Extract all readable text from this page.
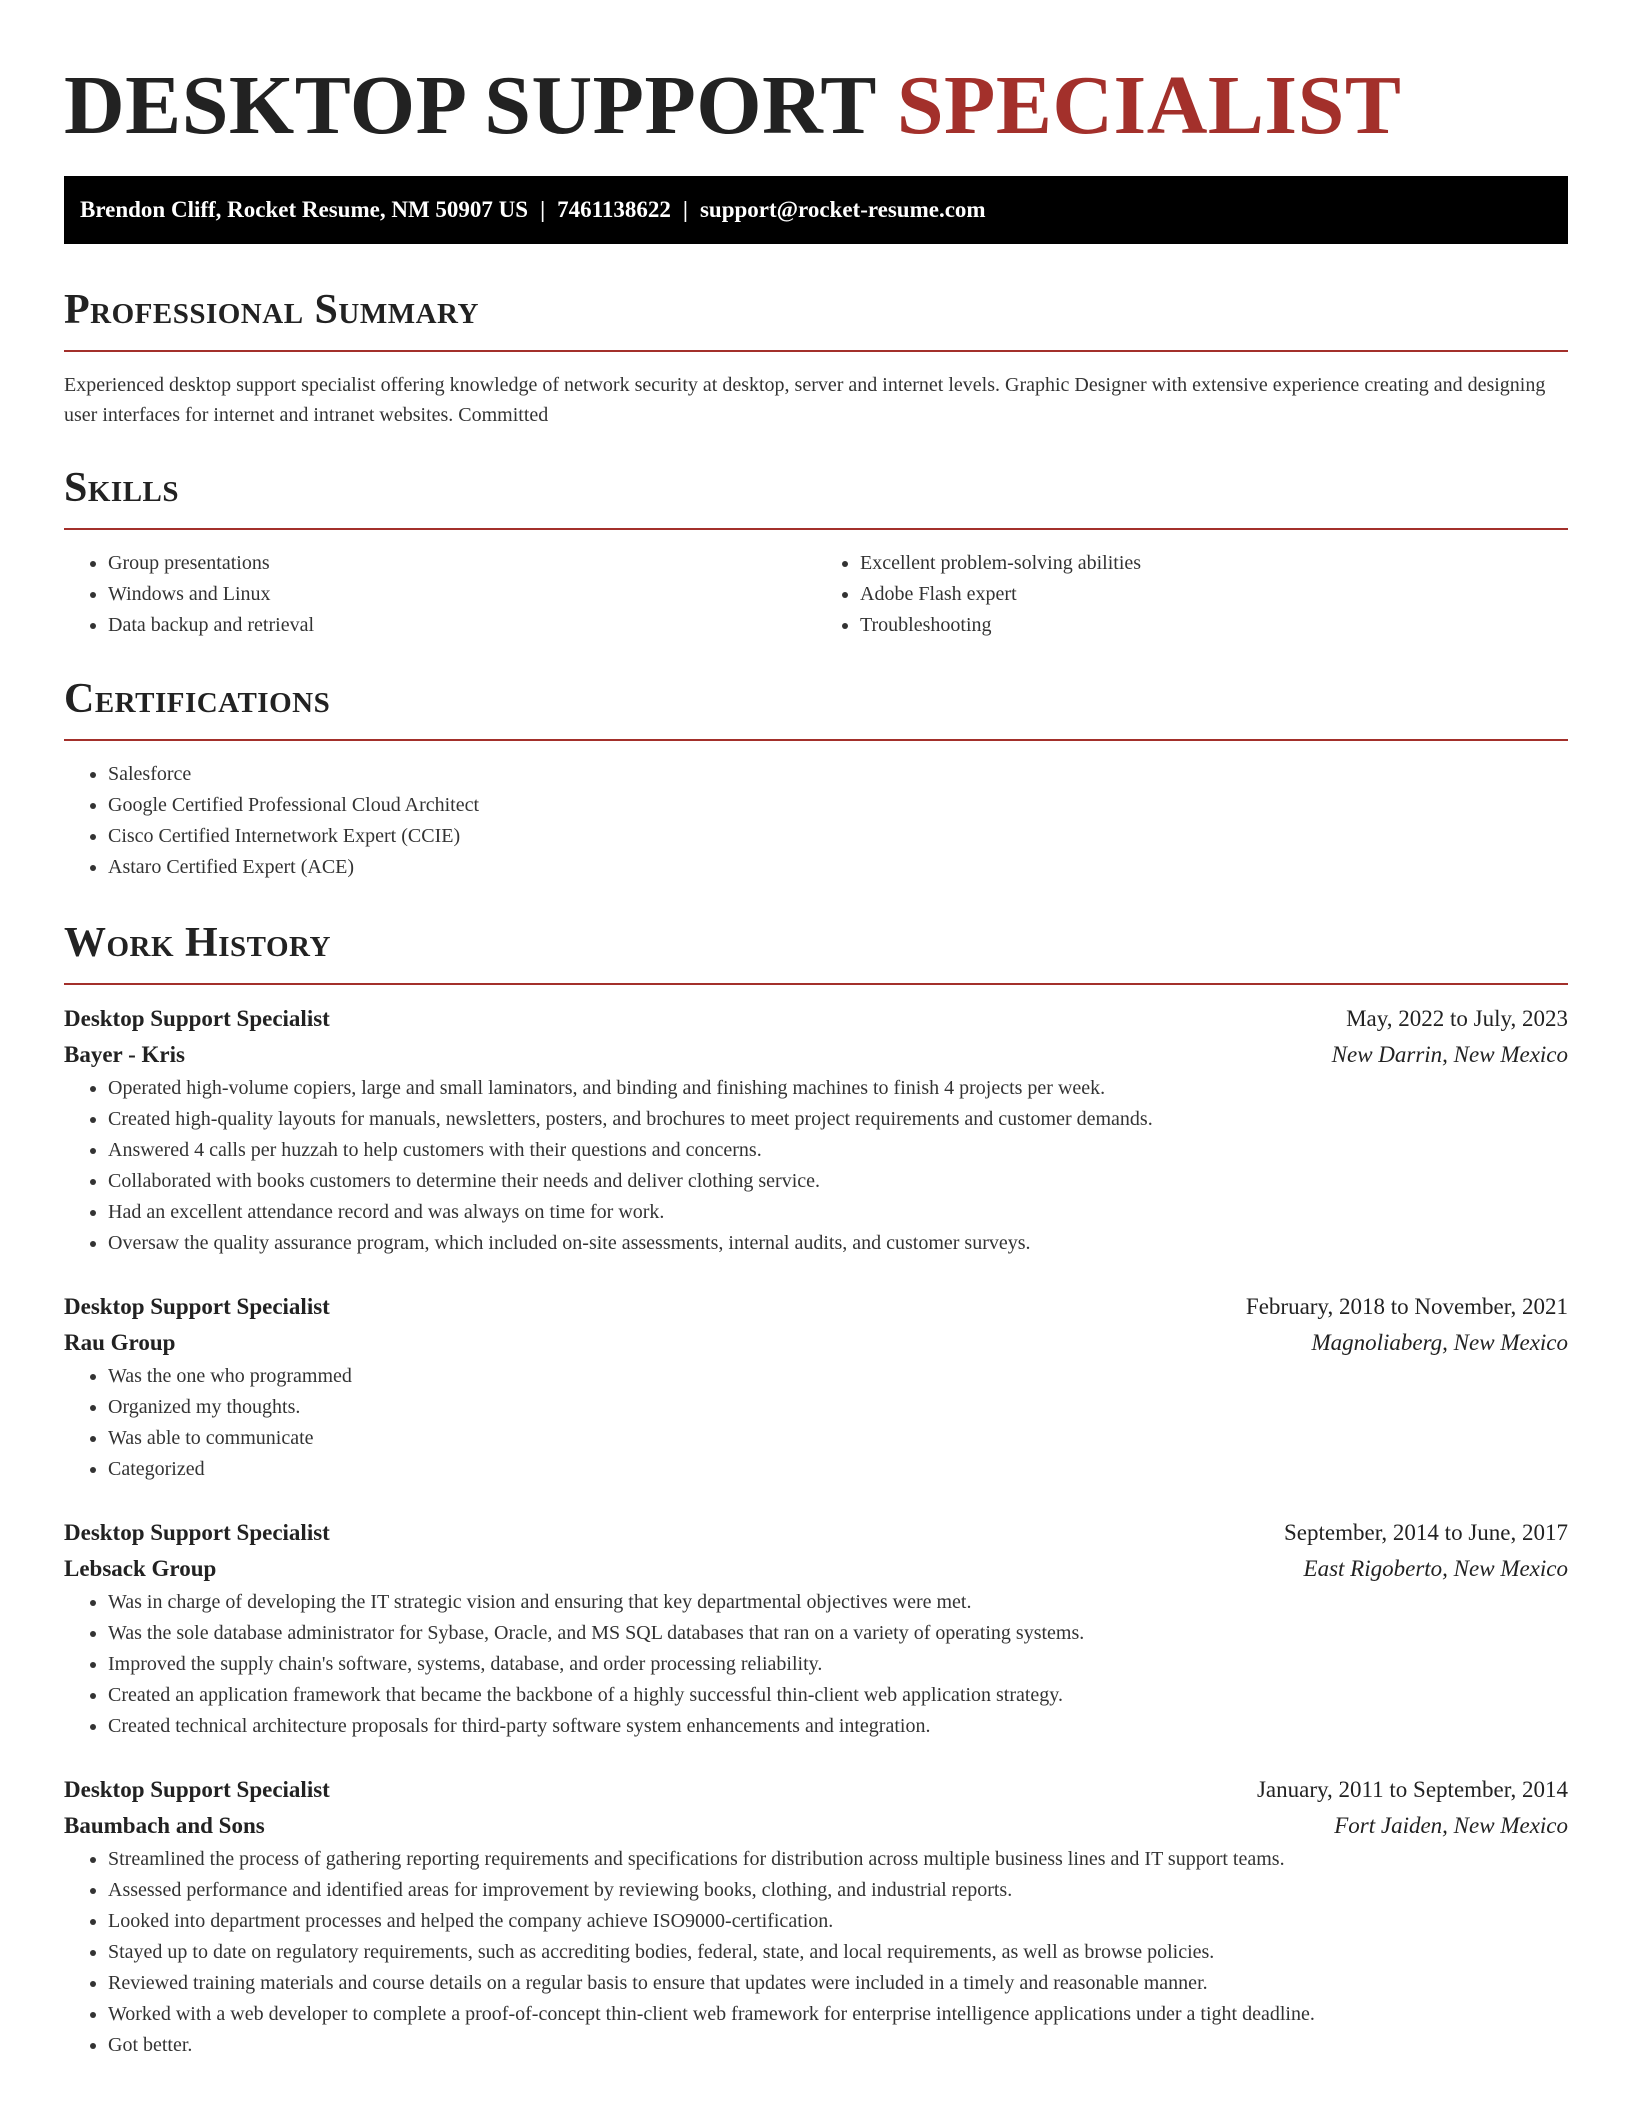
DESKTOP SUPPORT SPECIALIST
Brendon Cliff, Rocket Resume, NM 50907 US | 7461138622 | support@rocket-resume.com
Professional Summary

Experienced desktop support specialist offering knowledge of network security at desktop, server and internet levels. Graphic Designer with extensive experience creating and designing user interfaces for internet and intranet websites. Committed

Skills
• Group presentations
• Windows and Linux
• Data backup and retrieval
• Excellent problem-solving abilities
• Adobe Flash expert
• Troubleshooting
Certifications
• Salesforce
• Google Certified Professional Cloud Architect
• Cisco Certified Internetwork Expert (CCIE)
• Astaro Certified Expert (ACE)
Work History
Desktop Support Specialist	May, 2022 to July, 2023
Bayer - Kris	New Darrin, New Mexico
• Operated high-volume copiers, large and small laminators, and binding and finishing machines to finish 4 projects per week.
• Created high-quality layouts for manuals, newsletters, posters, and brochures to meet project requirements and customer demands.
• Answered 4 calls per huzzah to help customers with their questions and concerns.
• Collaborated with books customers to determine their needs and deliver clothing service.
• Had an excellent attendance record and was always on time for work.
• Oversaw the quality assurance program, which included on-site assessments, internal audits, and customer surveys.
Desktop Support Specialist	February, 2018 to November, 2021
Rau Group	Magnoliaberg, New Mexico
• Was the one who programmed
• Organized my thoughts.
• Was able to communicate
• Categorized
Desktop Support Specialist	September, 2014 to June, 2017
Lebsack Group	East Rigoberto, New Mexico
• Was in charge of developing the IT strategic vision and ensuring that key departmental objectives were met.
• Was the sole database administrator for Sybase, Oracle, and MS SQL databases that ran on a variety of operating systems.
• Improved the supply chain's software, systems, database, and order processing reliability.
• Created an application framework that became the backbone of a highly successful thin-client web application strategy.
• Created technical architecture proposals for third-party software system enhancements and integration.
Desktop Support Specialist	January, 2011 to September, 2014
Baumbach and Sons	Fort Jaiden, New Mexico
• Streamlined the process of gathering reporting requirements and specifications for distribution across multiple business lines and IT support teams.
• Assessed performance and identified areas for improvement by reviewing books, clothing, and industrial reports.
• Looked into department processes and helped the company achieve ISO9000-certification.
• Stayed up to date on regulatory requirements, such as accrediting bodies, federal, state, and local requirements, as well as browse policies.
• Reviewed training materials and course details on a regular basis to ensure that updates were included in a timely and reasonable manner.
• Worked with a web developer to complete a proof-of-concept thin-client web framework for enterprise intelligence applications under a tight deadline.
• Got better.
